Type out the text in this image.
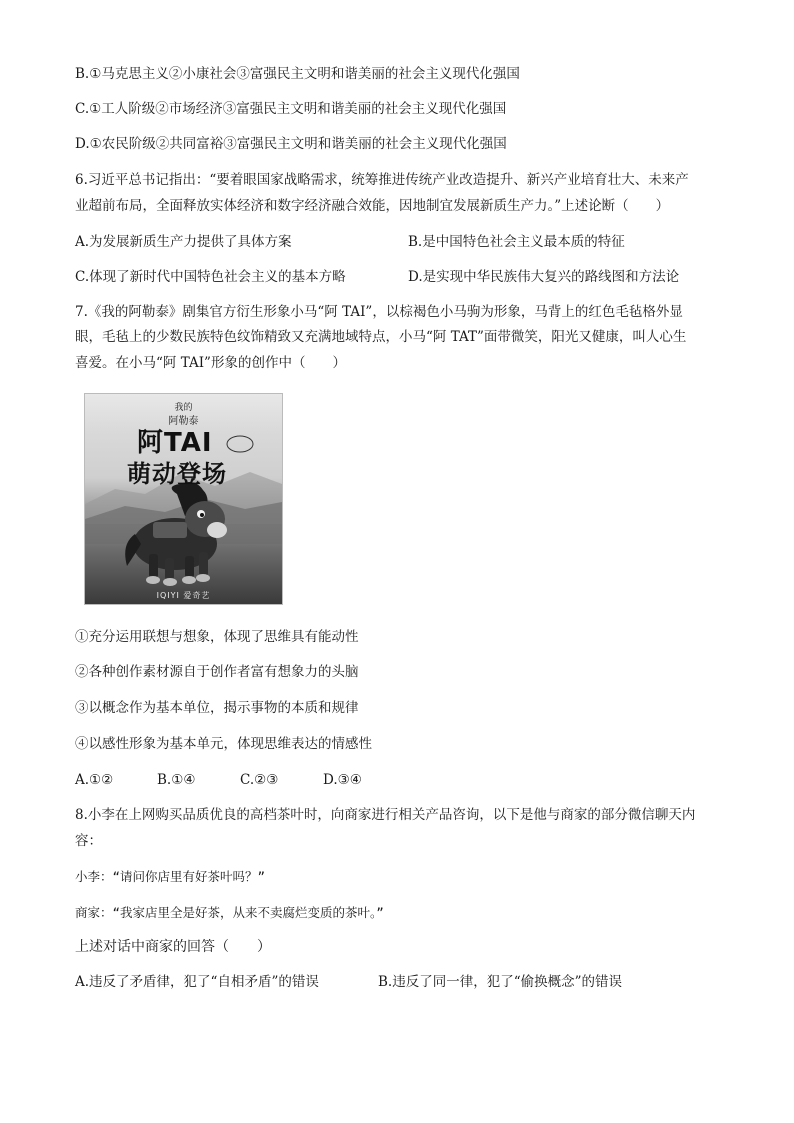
B.①马克思主义②小康社会③富强民主文明和谐美丽的社会主义现代化强国
C.①工人阶级②市场经济③富强民主文明和谐美丽的社会主义现代化强国
D.①农民阶级②共同富裕③富强民主文明和谐美丽的社会主义现代化强国
6.习近平总书记指出：“要着眼国家战略需求，统筹推进传统产业改造提升、新兴产业培育壮大、未来产
业超前布局，全面释放实体经济和数字经济融合效能，因地制宜发展新质生产力。”上述论断（　　）
A.为发展新质生产力提供了具体方案	B.是中国特色社会主义最本质的特征
C.体现了新时代中国特色社会主义的基本方略	D.是实现中华民族伟大复兴的路线图和方法论
7.《我的阿勒泰》剧集官方衍生形象小马“阿 TAI”，以棕褐色小马驹为形象，马背上的红色毛毡格外显
眼，毛毡上的少数民族特色纹饰精致又充满地域特点，小马“阿 TAT”面带微笑，阳光又健康，叫人心生
喜爱。在小马“阿 TAI”形象的创作中（　　）
我的
阿勒泰
阿TAI
萌动登场
IQIYI 爱奇艺
①充分运用联想与想象，体现了思维具有能动性
②各种创作素材源自于创作者富有想象力的头脑
③以概念作为基本单位，揭示事物的本质和规律
④以感性形象为基本单元，体现思维表达的情感性
A.①②	B.①④	C.②③	D.③④
8.小李在上网购买品质优良的高档茶叶时，向商家进行相关产品咨询，以下是他与商家的部分微信聊天内
容：
小李：“请问你店里有好茶叶吗？”
商家：“我家店里全是好茶，从来不卖腐烂变质的茶叶。”
上述对话中商家的回答（　　）
A.违反了矛盾律，犯了“自相矛盾”的错误	B.违反了同一律，犯了“偷换概念”的错误
